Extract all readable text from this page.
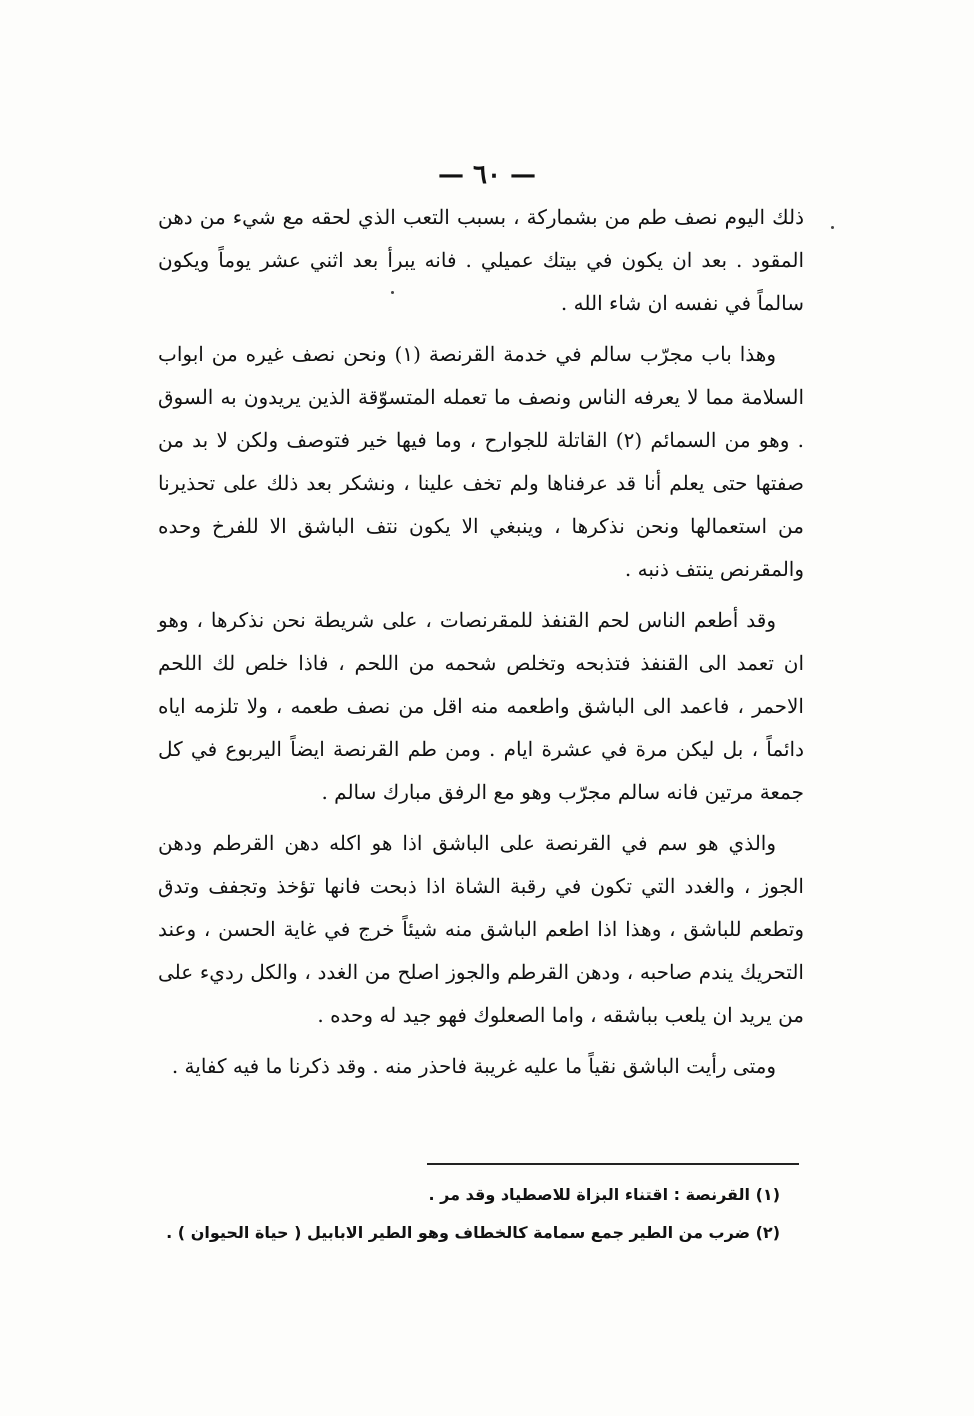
— ٦٠ —

ذلك اليوم نصف طم من بشماركة ، بسبب التعب الذي لحقه مع شيء من دهن المقود . بعد ان يكون في بيتك عميلي . فانه يبرأ بعد اثني عشر يوماً ويكون سالماً في نفسه ان شاء الله .

وهذا باب مجرّب سالم في خدمة القرنصة (١) ونحن نصف غيره من ابواب السلامة مما لا يعرفه الناس ونصف ما تعمله المتسوّقة الذين يريدون به السوق . وهو من السمائم (٢) القاتلة للجوارح ، وما فيها خير فتوصف ولكن لا بد من صفتها حتى يعلم أنا قد عرفناها ولم تخف علينا ، ونشكر بعد ذلك على تحذيرنا من استعمالها ونحن نذكرها ، وينبغي الا يكون نتف الباشق الا للفرخ وحده والمقرنص ينتف ذنبه .

وقد أطعم الناس لحم القنفذ للمقرنصات ، على شريطة نحن نذكرها ، وهو ان تعمد الى القنفذ فتذبحه وتخلص شحمه من اللحم ، فاذا خلص لك اللحم الاحمر ، فاعمد الى الباشق واطعمه منه اقل من نصف طعمه ، ولا تلزمه اياه دائماً ، بل ليكن مرة في عشرة ايام . ومن طم القرنصة ايضاً اليربوع في كل جمعة مرتين فانه سالم مجرّب وهو مع الرفق مبارك سالم .

والذي هو سم في القرنصة على الباشق اذا هو اكله دهن القرطم ودهن الجوز ، والغدد التي تكون في رقبة الشاة اذا ذبحت فانها تؤخذ وتجفف وتدق وتطعم للباشق ، وهذا اذا اطعم الباشق منه شيئاً خرج في غاية الحسن ، وعند التحريك يندم صاحبه ، ودهن القرطم والجوز اصلح من الغدد ، والكل رديء على من يريد ان يلعب بباشقه ، واما الصعلوك فهو جيد له وحده .

ومتى رأيت الباشق نقياً ما عليه غريبة فاحذر منه . وقد ذكرنا ما فيه كفاية .

(١) القرنصة : اقتناء البزاة للاصطياد وقد مر .
(٢) ضرب من الطير جمع سمامة كالخطاف وهو الطير الابابيل ( حياة الحيوان ) .
